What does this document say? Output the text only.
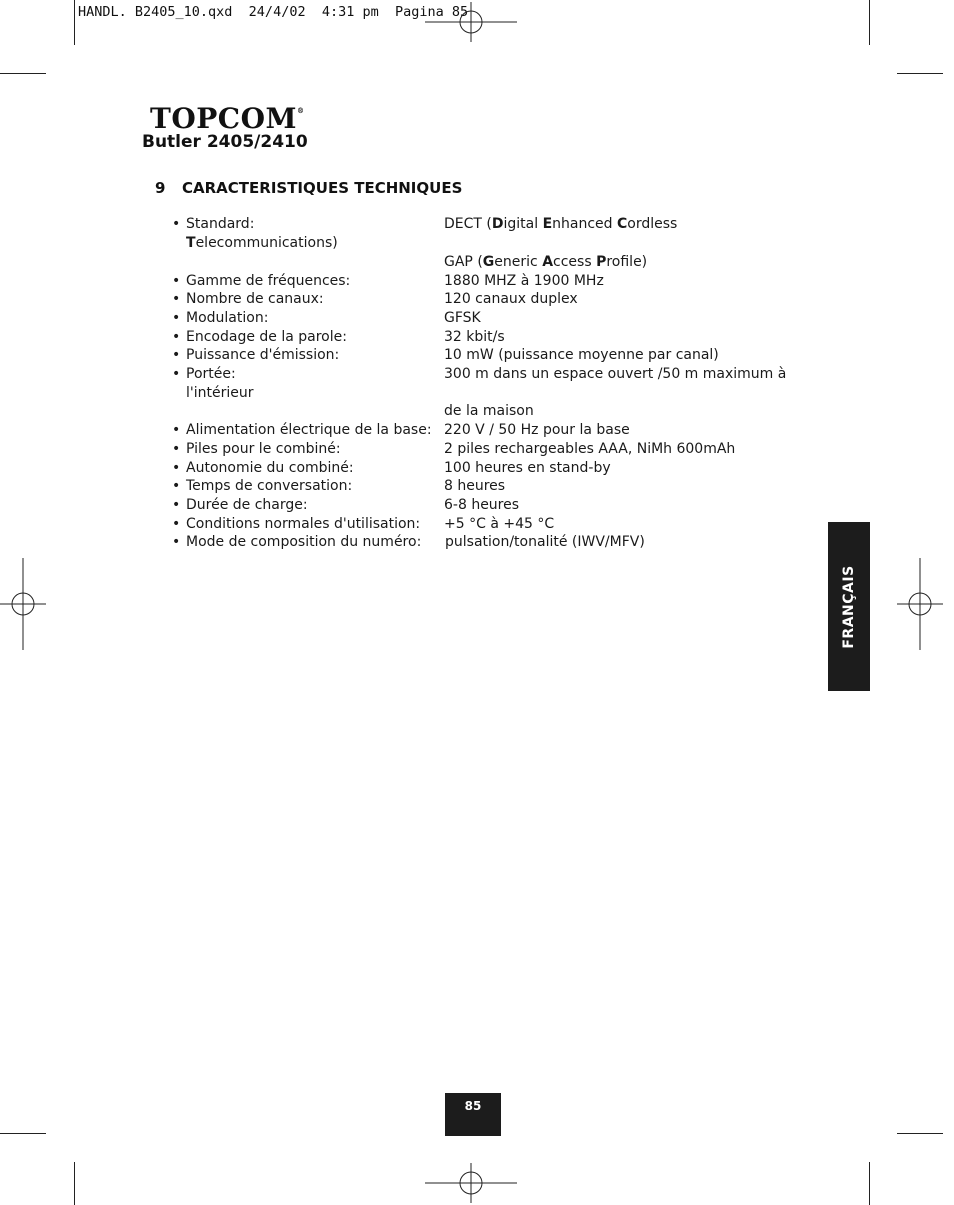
HANDL. B2405_10.qxd  24/4/02  4:31 pm  Pagina 85
TOPCOM®
Butler 2405/2410
9 CARACTERISTIQUES TECHNIQUES
• Standard:	DECT (Digital Enhanced Cordless
Telecommunications)
GAP (Generic Access Profile)
• Gamme de fréquences:	1880 MHZ à 1900 MHz
• Nombre de canaux:	120 canaux duplex
• Modulation:	GFSK
• Encodage de la parole:	32 kbit/s
• Puissance d'émission:	10 mW (puissance moyenne par canal)
• Portée:	300 m dans un espace ouvert /50 m maximum à
l'intérieur
de la maison
• Alimentation électrique de la base: 220 V / 50 Hz pour la base
• Piles pour le combiné:	2 piles rechargeables AAA, NiMh 600mAh
• Autonomie du combiné:	100 heures en stand-by
• Temps de conversation:	8 heures
• Durée de charge:	6-8 heures
• Conditions normales d'utilisation: +5 °C à +45 °C
• Mode de composition du numéro: pulsation/tonalité (IWV/MFV)
FRANÇAIS
85
